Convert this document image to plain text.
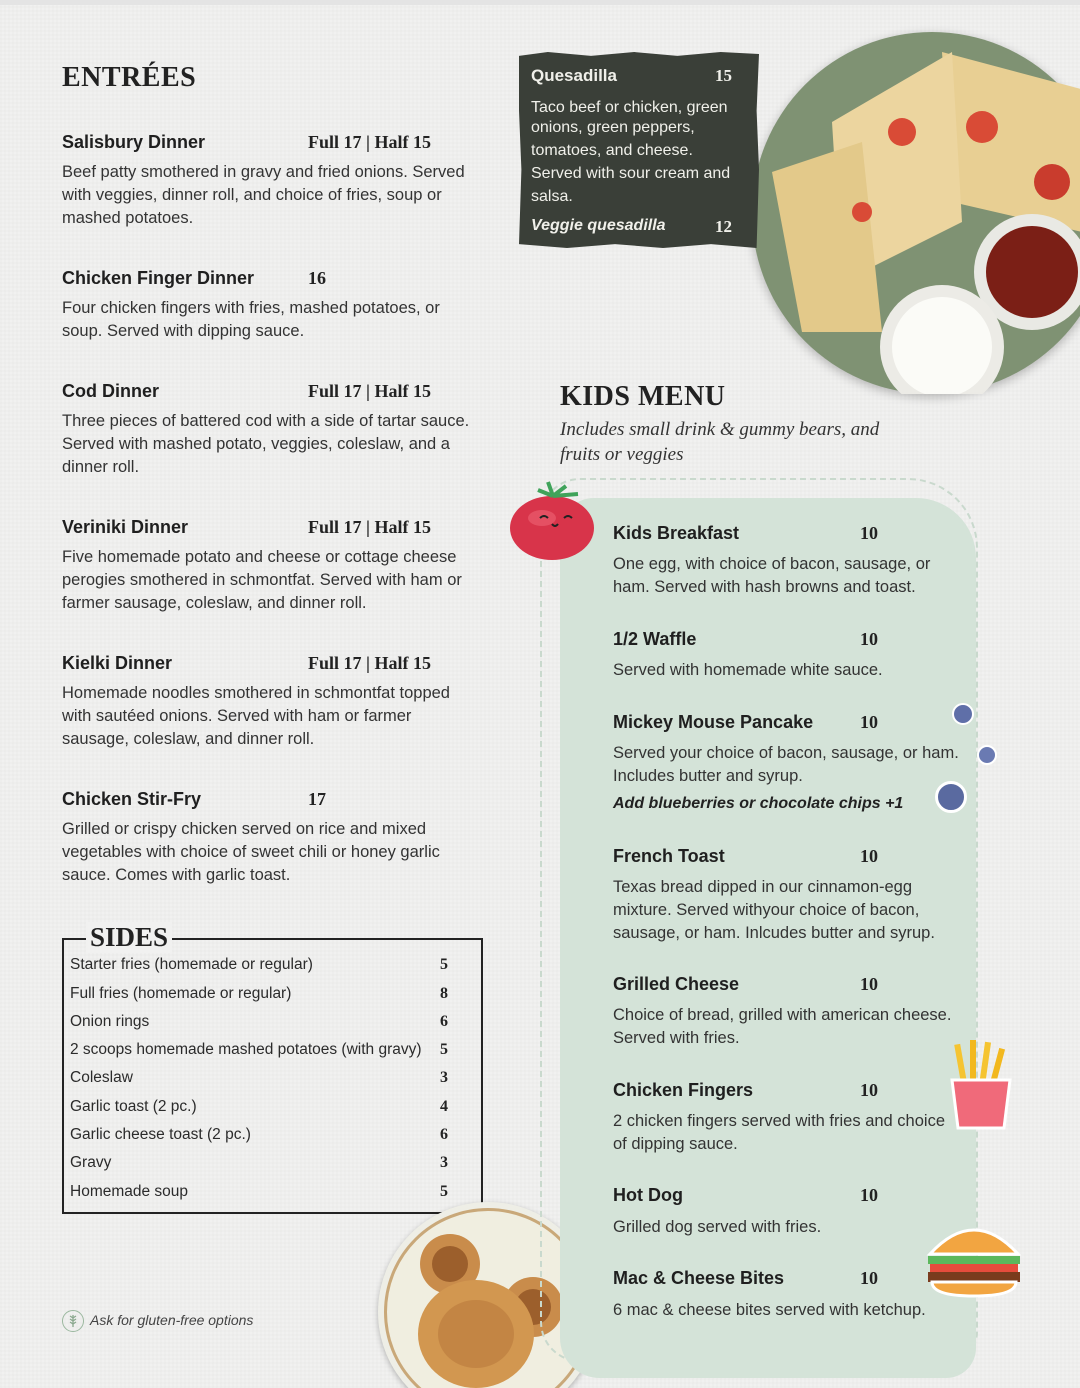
ENTRÉES
Salisbury Dinner	Full 17 | Half 15
Beef patty smothered in gravy and fried onions. Served
with veggies, dinner roll, and choice of fries, soup or
mashed potatoes.
Chicken Finger Dinner	16
Four chicken fingers with fries, mashed potatoes, or
soup. Served with dipping sauce.
Cod Dinner	Full 17 | Half 15
Three pieces of battered cod with a side of tartar sauce.
Served with mashed potato, veggies, coleslaw, and a
dinner roll.
Veriniki Dinner	Full 17 | Half 15
Five homemade potato and cheese or cottage cheese
perogies smothered in schmontfat. Served with ham or
farmer sausage, coleslaw, and dinner roll.
Kielki Dinner	Full 17 | Half 15
Homemade noodles smothered in schmontfat topped
with sautéed onions. Served with ham or farmer
sausage, coleslaw, and dinner roll.
Chicken Stir-Fry	17
Grilled or crispy chicken served on rice and mixed
vegetables with choice of sweet chili or honey garlic
sauce. Comes with garlic toast.
SIDES
Starter fries (homemade or regular)	5
Full fries (homemade or regular)	8
Onion rings	6
2 scoops homemade mashed potatoes (with gravy)	5
Coleslaw	3
Garlic toast (2 pc.)	4
Garlic cheese toast (2 pc.)	6
Gravy	3
Homemade soup	5
Ask for gluten-free options
Quesadilla	15
Taco beef or chicken, green
onions, green peppers,
tomatoes, and cheese.
Served with sour cream and
salsa.
Veggie quesadilla	12
KIDS MENU
Includes small drink & gummy bears, and
fruits or veggies
Kids Breakfast	10
One egg, with choice of bacon, sausage, or
ham. Served with hash browns and toast.
1/2 Waffle	10
Served with homemade white sauce.
Mickey Mouse Pancake	10
Served your choice of bacon, sausage, or ham.
Includes butter and syrup.
Add blueberries or chocolate chips +1
French Toast	10
Texas bread dipped in our cinnamon-egg
mixture. Served withyour choice of bacon,
sausage, or ham. Inlcudes butter and syrup.
Grilled Cheese	10
Choice of bread, grilled with american cheese.
Served with fries.
Chicken Fingers	10
2 chicken fingers served with fries and choice
of dipping sauce.
Hot Dog	10
Grilled dog served with fries.
Mac & Cheese Bites	10
6 mac & cheese bites served with ketchup.
